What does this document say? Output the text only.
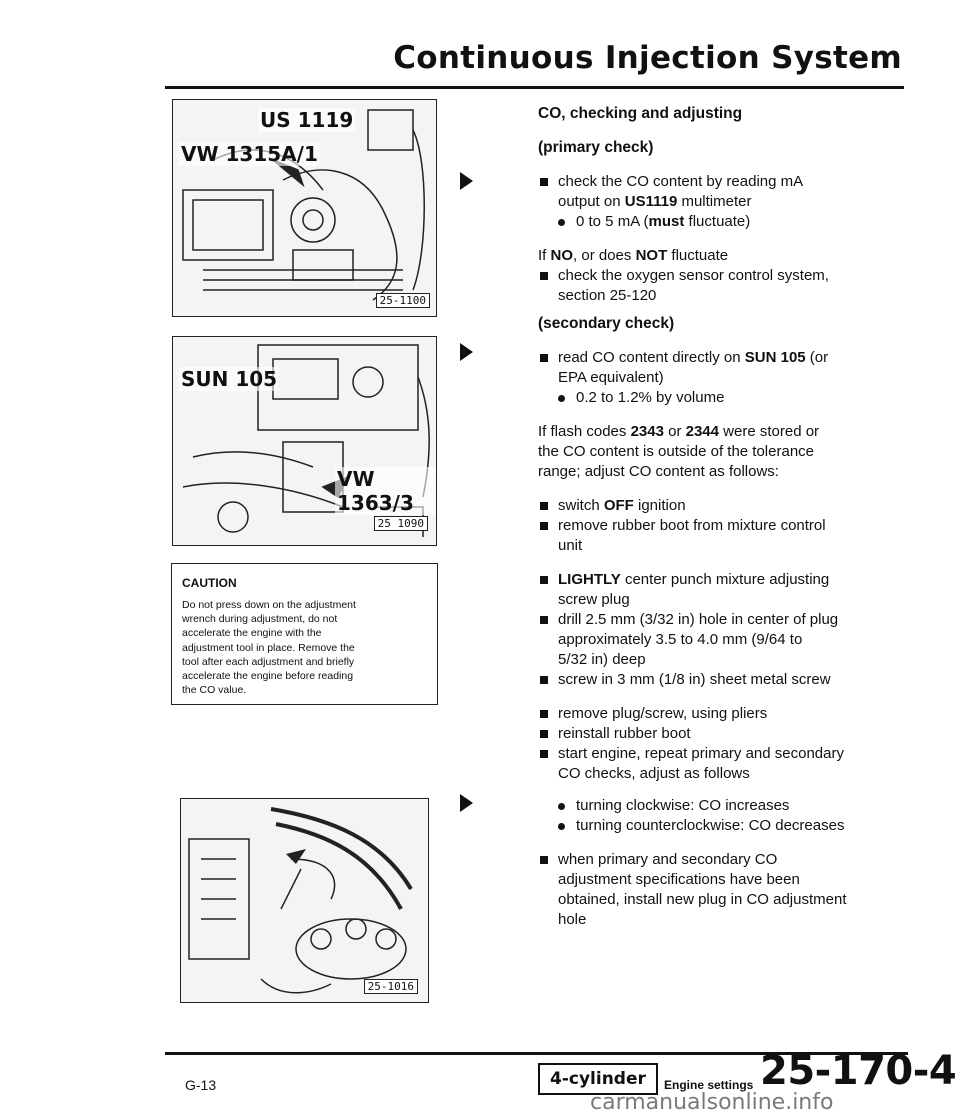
Continuous Injection System
US 1119
VW 1315A/1
25-1100
SUN 105
VW 1363/3
25 1090
CAUTION
Do not press down on the adjustment
wrench during adjustment, do not
accelerate the engine with the
adjustment tool in place. Remove the
tool after each adjustment and briefly
accelerate the engine before reading
the CO value.
25-1016
CO, checking and adjusting
(primary check)
check the CO content by reading mA
output on US1119 multimeter
0 to 5 mA (must fluctuate)
If NO, or does NOT fluctuate
check the oxygen sensor control system,
section 25-120
(secondary check)
read CO content directly on SUN 105 (or
EPA equivalent)
0.2 to 1.2% by volume
If flash codes 2343 or 2344 were stored or
the CO content is outside of the tolerance
range; adjust CO content as follows:
switch OFF ignition
remove rubber boot from mixture control
unit
LIGHTLY center punch mixture adjusting
screw plug
drill 2.5 mm (3/32 in) hole in center of plug
approximately 3.5 to 4.0 mm (9/64 to
5/32 in) deep
screw in 3 mm (1/8 in) sheet metal screw
remove plug/screw, using pliers
reinstall rubber boot
start engine, repeat primary and secondary
CO checks, adjust as follows
turning clockwise: CO increases
turning counterclockwise: CO decreases
when primary and secondary CO
adjustment specifications have been
obtained, install new plug in CO adjustment
hole
G-13	4-cylinder	Engine settings 25-170-4
carmanualsonline.info
